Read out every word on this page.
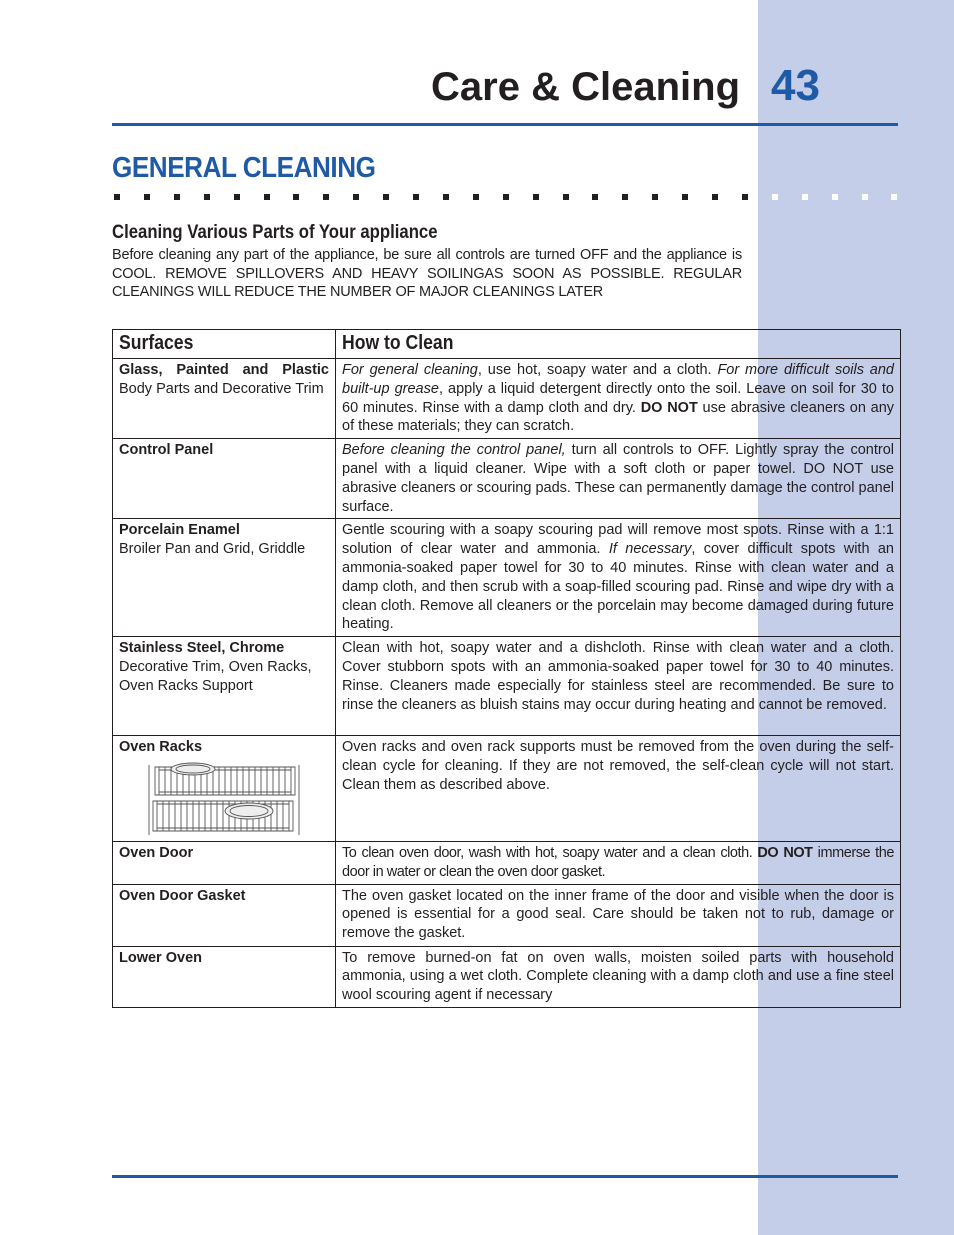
Care & Cleaning 43
GENERAL CLEANING
Cleaning Various Parts of Your appliance
Before cleaning any part of the appliance, be sure all controls are turned OFF and the appliance is COOL. REMOVE SPILLOVERS AND HEAVY SOILINGAS SOON AS POSSIBLE. REGULAR CLEANINGS WILL REDUCE THE NUMBER OF MAJOR CLEANINGS LATER
Surfaces	How to Clean

Glass, Painted and Plastic Body Parts and Decorative Trim	For general cleaning, use hot, soapy water and a cloth. For more difficult soils and built-up grease, apply a liquid detergent directly onto the soil. Leave on soil for 30 to 60 minutes. Rinse with a damp cloth and dry. DO NOT use abrasive cleaners on any of these materials; they can scratch.
Control Panel	Before cleaning the control panel, turn all controls to OFF. Lightly spray the control panel with a liquid cleaner. Wipe with a soft cloth or paper towel. DO NOT use abrasive cleaners or scouring pads. These can permanently damage the control panel surface.

Porcelain Enamel
Broiler Pan and Grid, Griddle	Gentle scouring with a soapy scouring pad will remove most spots. Rinse with a 1:1 solution of clear water and ammonia. If necessary, cover difficult spots with an ammonia-soaked paper towel for 30 to 40 minutes. Rinse with clean water and a damp cloth, and then scrub with a soap-filled scouring pad. Rinse and wipe dry with a clean cloth. Remove all cleaners or the porcelain may become damaged during future heating.

Stainless Steel, Chrome
Decorative Trim, Oven Racks, Oven Racks Support	Clean with hot, soapy water and a dishcloth. Rinse with clean water and a cloth. Cover stubborn spots with an ammonia-soaked paper towel for 30 to 40 minutes. Rinse. Cleaners made especially for stainless steel are recommended. Be sure to rinse the cleaners as bluish stains may occur during heating and cannot be removed.

Oven Racks	Oven racks and oven rack supports must be removed from the oven during the self-clean cycle for cleaning. If they are not removed, the self-clean cycle will not start. Clean them as described above.
Oven Door	To clean oven door, wash with hot, soapy water and a clean cloth. DO NOT immerse the door in water or clean the oven door gasket.
Oven Door Gasket	The oven gasket located on the inner frame of the door and visible when the door is opened is essential for a good seal. Care should be taken not to rub, damage or remove the gasket.
Lower Oven	To remove burned-on fat on oven walls, moisten soiled parts with household ammonia, using a wet cloth. Complete cleaning with a damp cloth and use a fine steel wool scouring agent if necessary
